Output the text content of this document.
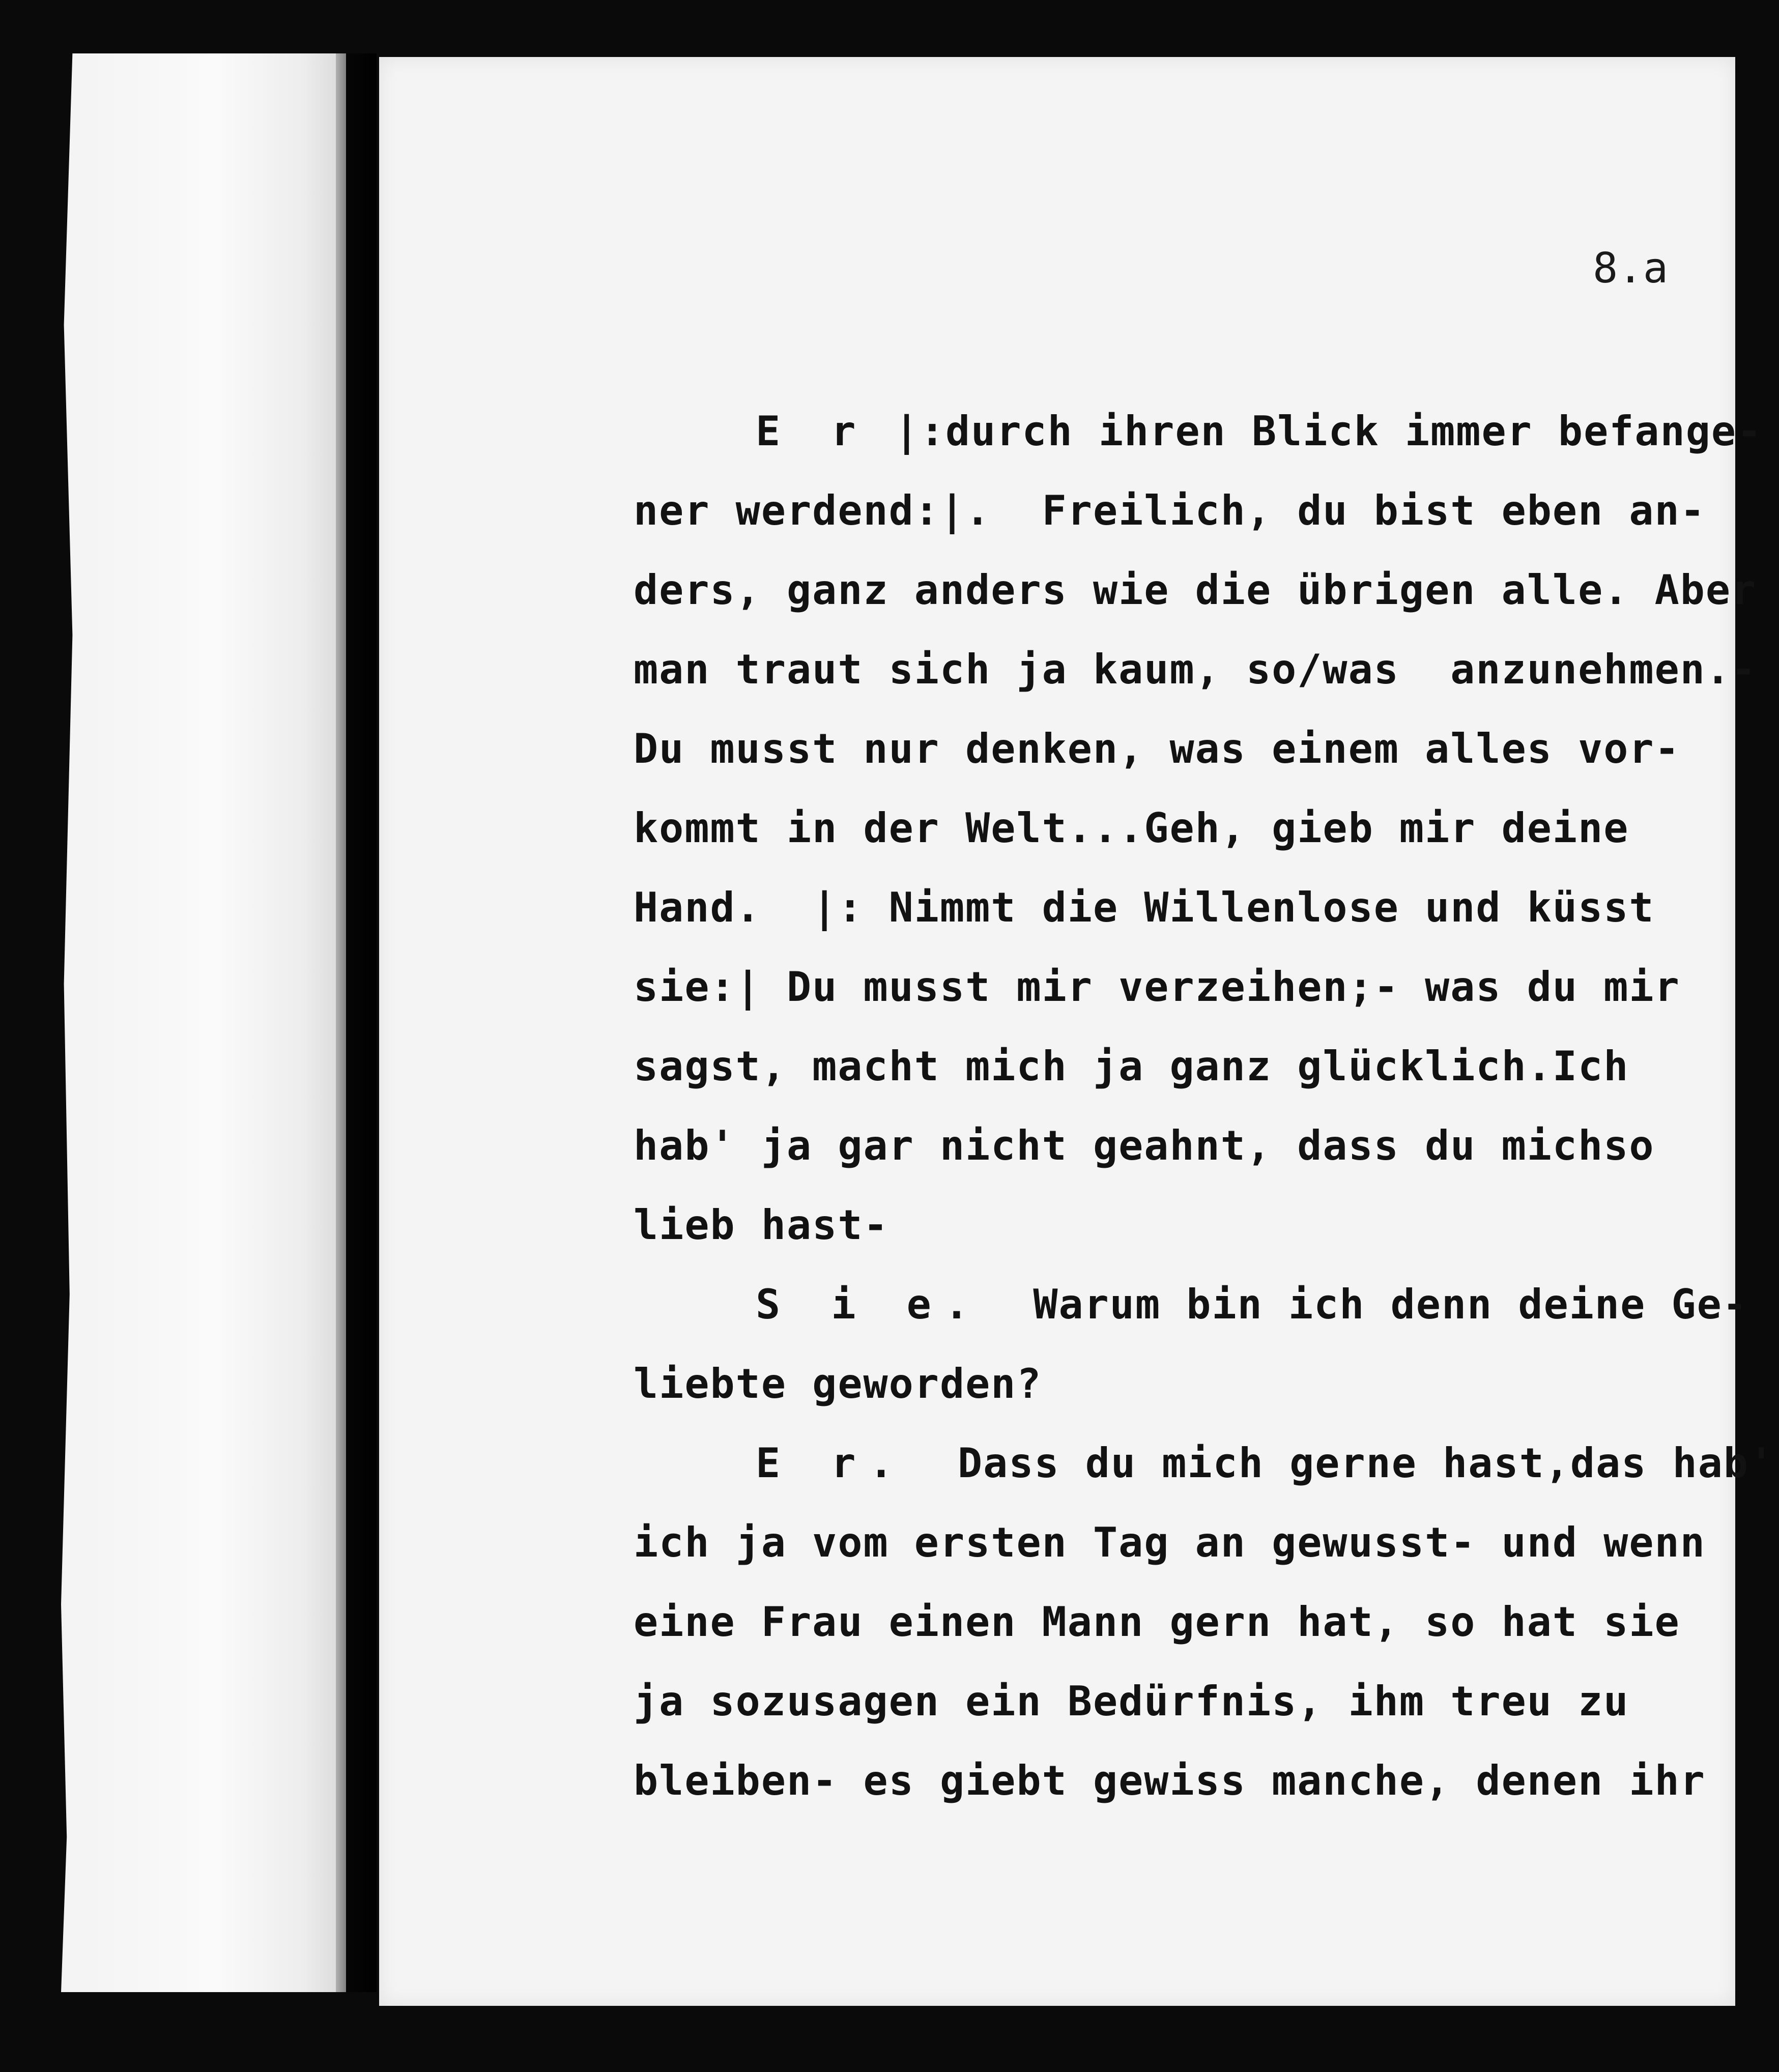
8.a
E r |:durch ihren Blick immer befange-
ner werdend:|.  Freilich, du bist eben an-
ders, ganz anders wie die übrigen alle. Aber
man traut sich ja kaum, so/was  anzunehmen.-
Du musst nur denken, was einem alles vor-
kommt in der Welt...Geh, gieb mir deine
Hand.  |: Nimmt die Willenlose und küsst
sie:| Du musst mir verzeihen;- was du mir
sagst, macht mich ja ganz glücklich.Ich
hab' ja gar nicht geahnt, dass du michso
lieb hast-
S i e.  Warum bin ich denn deine Ge-
liebte geworden?
E r.  Dass du mich gerne hast,das hab'
ich ja vom ersten Tag an gewusst- und wenn
eine Frau einen Mann gern hat, so hat sie
ja sozusagen ein Bedürfnis, ihm treu zu
bleiben- es giebt gewiss manche, denen ihr
